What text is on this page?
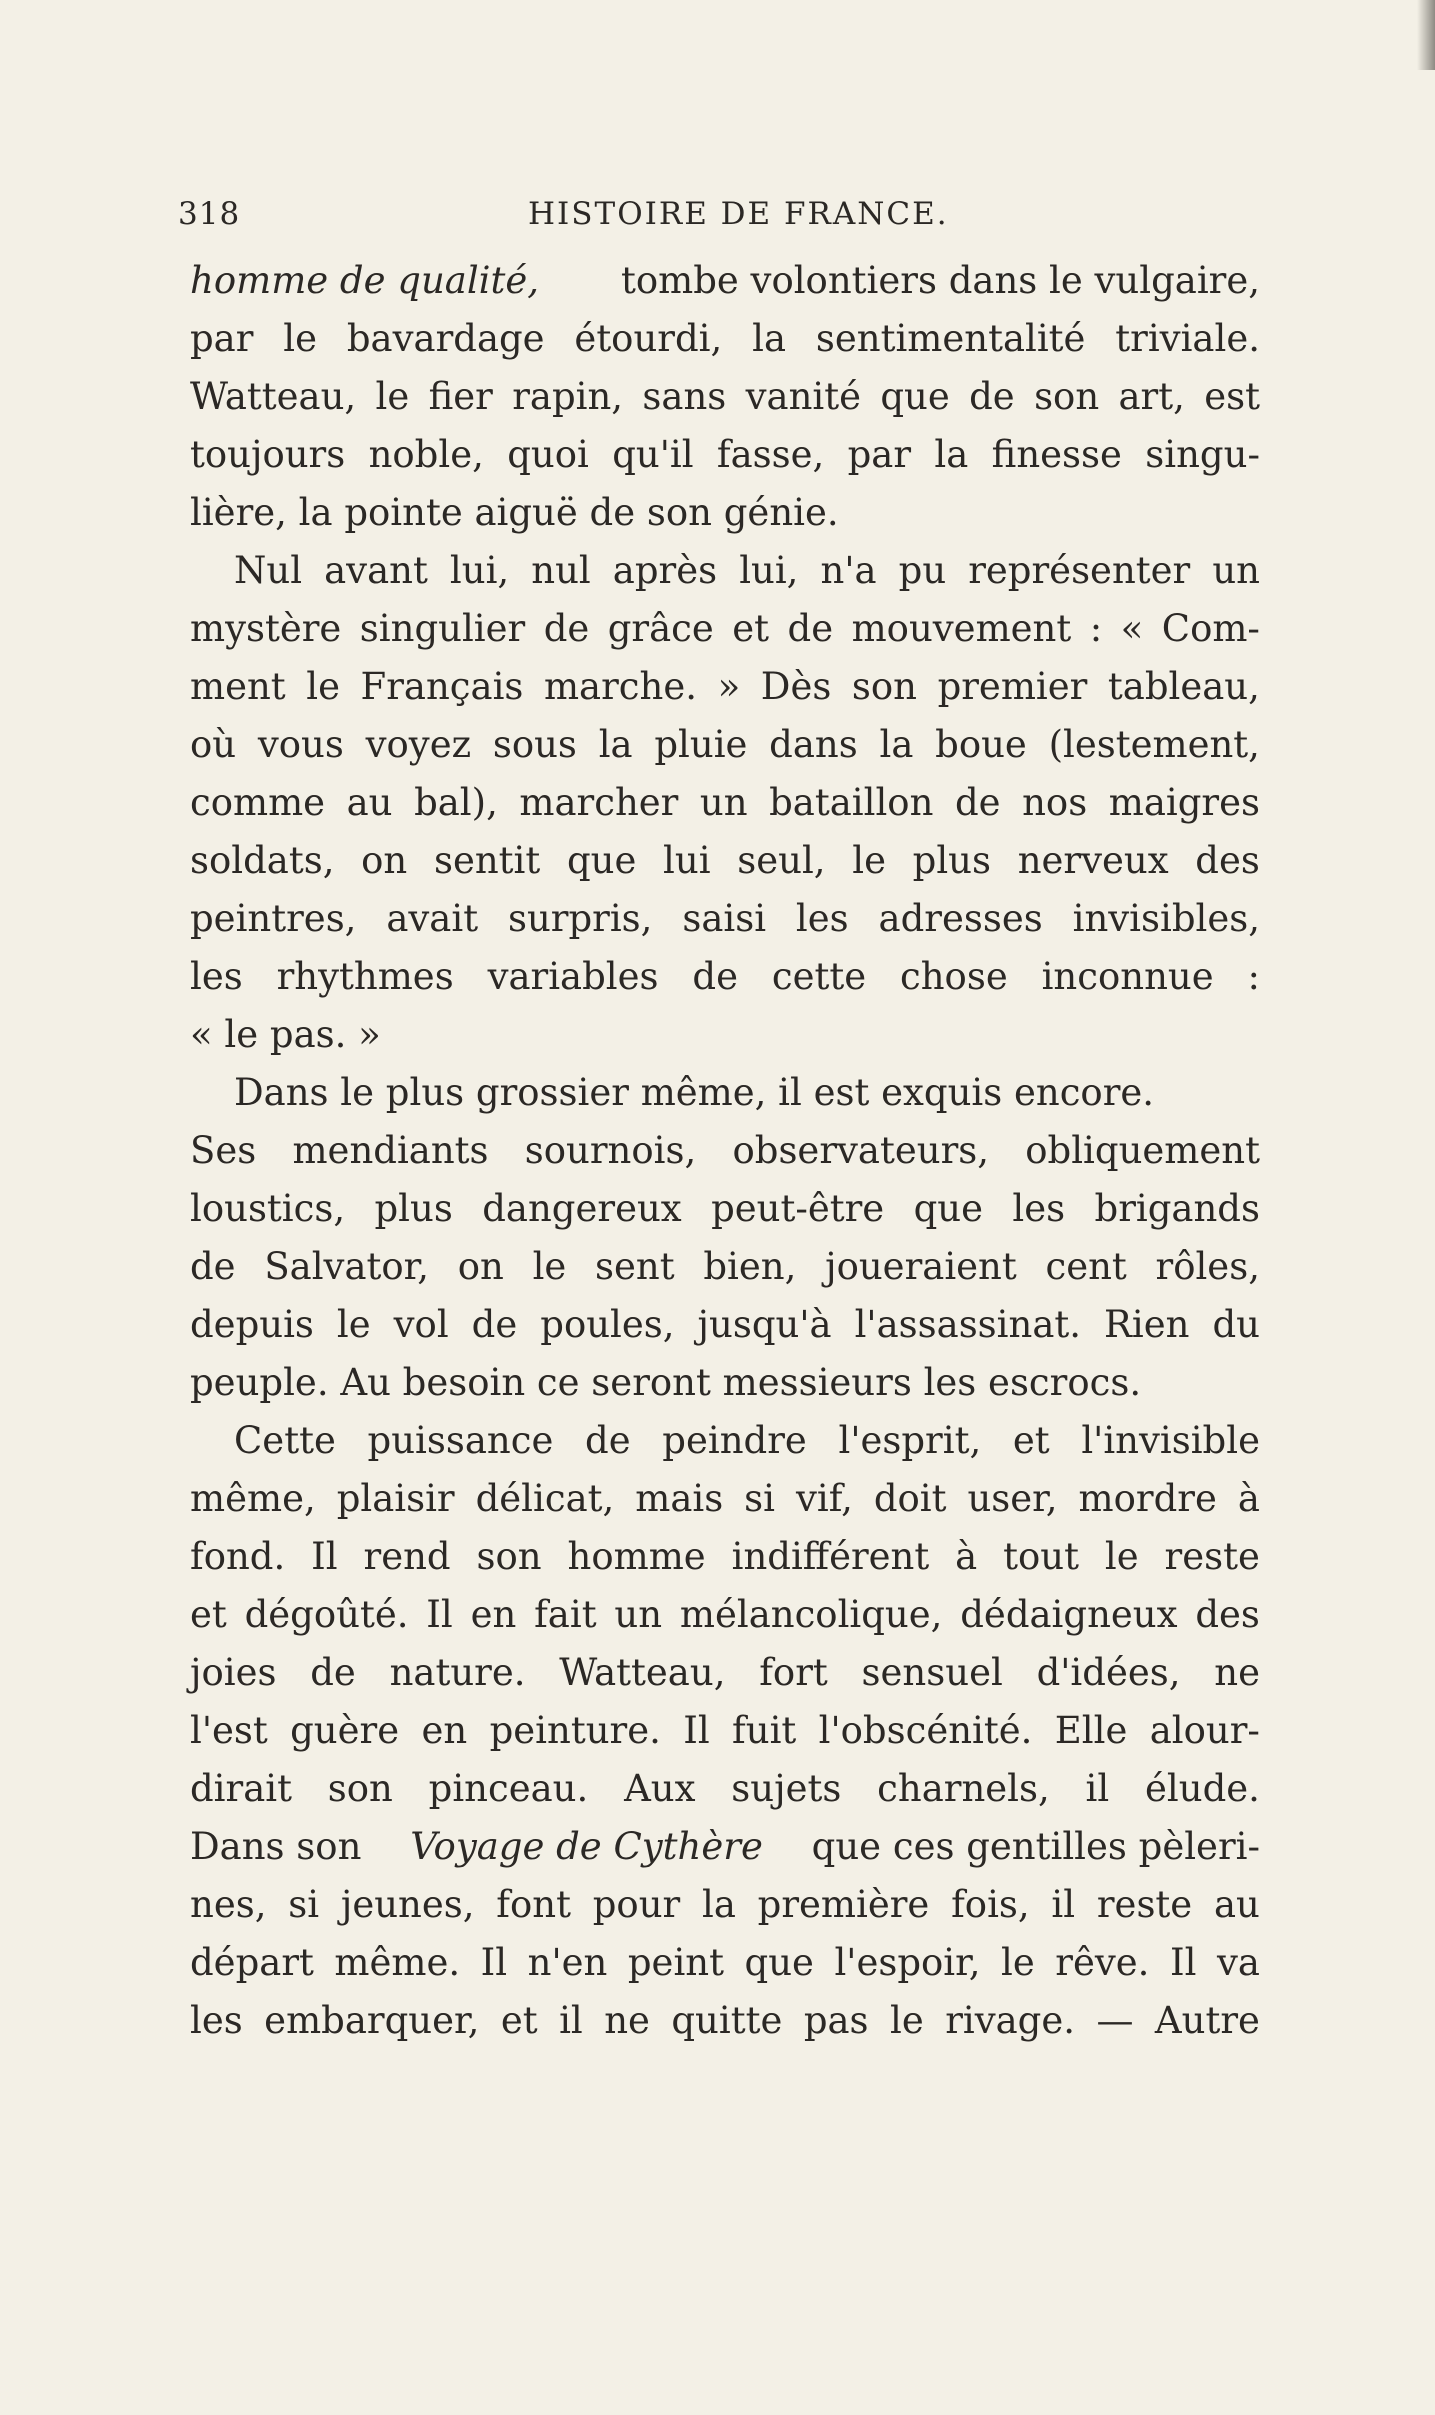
318	HISTOIRE DE FRANCE.
homme de qualité, tombe volontiers dans le vulgaire,
par le bavardage étourdi, la sentimentalité triviale.
Watteau, le fier rapin, sans vanité que de son art, est
toujours noble, quoi qu'il fasse, par la finesse singu-
lière, la pointe aiguë de son génie.
Nul avant lui, nul après lui, n'a pu représenter un
mystère singulier de grâce et de mouvement : « Com-
ment le Français marche. » Dès son premier tableau,
où vous voyez sous la pluie dans la boue (lestement,
comme au bal), marcher un bataillon de nos maigres
soldats, on sentit que lui seul, le plus nerveux des
peintres, avait surpris, saisi les adresses invisibles,
les rhythmes variables de cette chose inconnue :
« le pas. »
Dans le plus grossier même, il est exquis encore.
Ses mendiants sournois, observateurs, obliquement
loustics, plus dangereux peut-être que les brigands
de Salvator, on le sent bien, joueraient cent rôles,
depuis le vol de poules, jusqu'à l'assassinat. Rien du
peuple. Au besoin ce seront messieurs les escrocs.
Cette puissance de peindre l'esprit, et l'invisible
même, plaisir délicat, mais si vif, doit user, mordre à
fond. Il rend son homme indifférent à tout le reste
et dégoûté. Il en fait un mélancolique, dédaigneux des
joies de nature. Watteau, fort sensuel d'idées, ne
l'est guère en peinture. Il fuit l'obscénité. Elle alour-
dirait son pinceau. Aux sujets charnels, il élude.
Dans son Voyage de Cythère que ces gentilles pèleri-
nes, si jeunes, font pour la première fois, il reste au
départ même. Il n'en peint que l'espoir, le rêve. Il va
les embarquer, et il ne quitte pas le rivage. — Autre
